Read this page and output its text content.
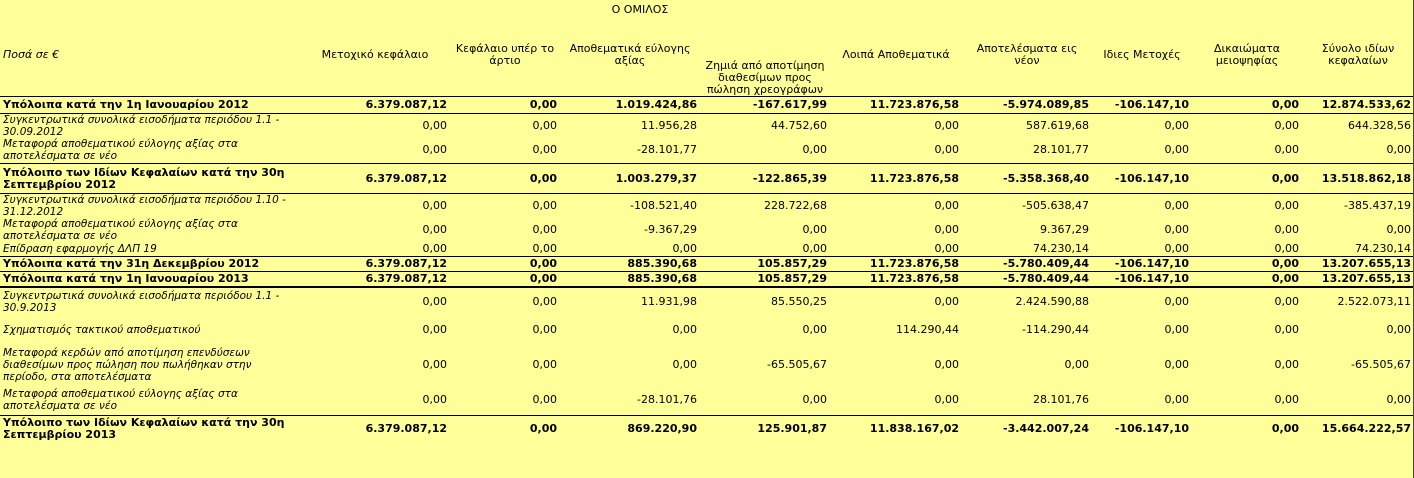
Ο ΟΜΙΛΟΣ
Ποσά σε €	Μετοχικό κεφάλαιο	Κεφάλαιο υπέρ το άρτιο	Αποθεματικά εύλογης αξίας	Ζημιά από αποτίμηση διαθεσίμων προς πώληση χρεογράφων	Λοιπά Αποθεματικά	Αποτελέσματα εις νέον	Ιδιες Μετοχές	Δικαιώματα μειοψηφίας	Σύνολο ιδίων κεφαλαίων
Υπόλοιπα κατά την 1η Ιανουαρίου 2012	6.379.087,12	0,00	1.019.424,86	-167.617,99	11.723.876,58	-5.974.089,85	-106.147,10	0,00	12.874.533,62
Συγκεντρωτικά συνολικά εισοδήματα περιόδου 1.1 - 30.09.2012	0,00	0,00	11.956,28	44.752,60	0,00	587.619,68	0,00	0,00	644.328,56
Μεταφορά αποθεματικού εύλογης αξίας στα αποτελέσματα σε νέο	0,00	0,00	-28.101,77	0,00	0,00	28.101,77	0,00	0,00	0,00
Υπόλοιπο των Ιδίων Κεφαλαίων κατά την 30η Σεπτεμβρίου 2012	6.379.087,12	0,00	1.003.279,37	-122.865,39	11.723.876,58	-5.358.368,40	-106.147,10	0,00	13.518.862,18
Συγκεντρωτικά συνολικά εισοδήματα περιόδου 1.10 - 31.12.2012	0,00	0,00	-108.521,40	228.722,68	0,00	-505.638,47	0,00	0,00	-385.437,19
Μεταφορά αποθεματικού εύλογης αξίας στα αποτελέσματα σε νέο	0,00	0,00	-9.367,29	0,00	0,00	9.367,29	0,00	0,00	0,00
Επίδραση εφαρμογής ΔΛΠ 19	0,00	0,00	0,00	0,00	0,00	74.230,14	0,00	0,00	74.230,14
Υπόλοιπα κατά την 31η Δεκεμβρίου 2012	6.379.087,12	0,00	885.390,68	105.857,29	11.723.876,58	-5.780.409,44	-106.147,10	0,00	13.207.655,13
Υπόλοιπα κατά την 1η Ιανουαρίου 2013	6.379.087,12	0,00	885.390,68	105.857,29	11.723.876,58	-5.780.409,44	-106.147,10	0,00	13.207.655,13
Συγκεντρωτικά συνολικά εισοδήματα περιόδου 1.1 - 30.9.2013	0,00	0,00	11.931,98	85.550,25	0,00	2.424.590,88	0,00	0,00	2.522.073,11
Σχηματισμός τακτικού αποθεματικού	0,00	0,00	0,00	0,00	114.290,44	-114.290,44	0,00	0,00	0,00
Μεταφορά κερδών από αποτίμηση επενδύσεων διαθεσίμων προς πώληση που πωλήθηκαν στην περίοδο, στα αποτελέσματα	0,00	0,00	0,00	-65.505,67	0,00	0,00	0,00	0,00	-65.505,67
Μεταφορά αποθεματικού εύλογης αξίας στα αποτελέσματα σε νέο	0,00	0,00	-28.101,76	0,00	0,00	28.101,76	0,00	0,00	0,00
Υπόλοιπο των Ιδίων Κεφαλαίων κατά την 30η Σεπτεμβρίου 2013	6.379.087,12	0,00	869.220,90	125.901,87	11.838.167,02	-3.442.007,24	-106.147,10	0,00	15.664.222,57
